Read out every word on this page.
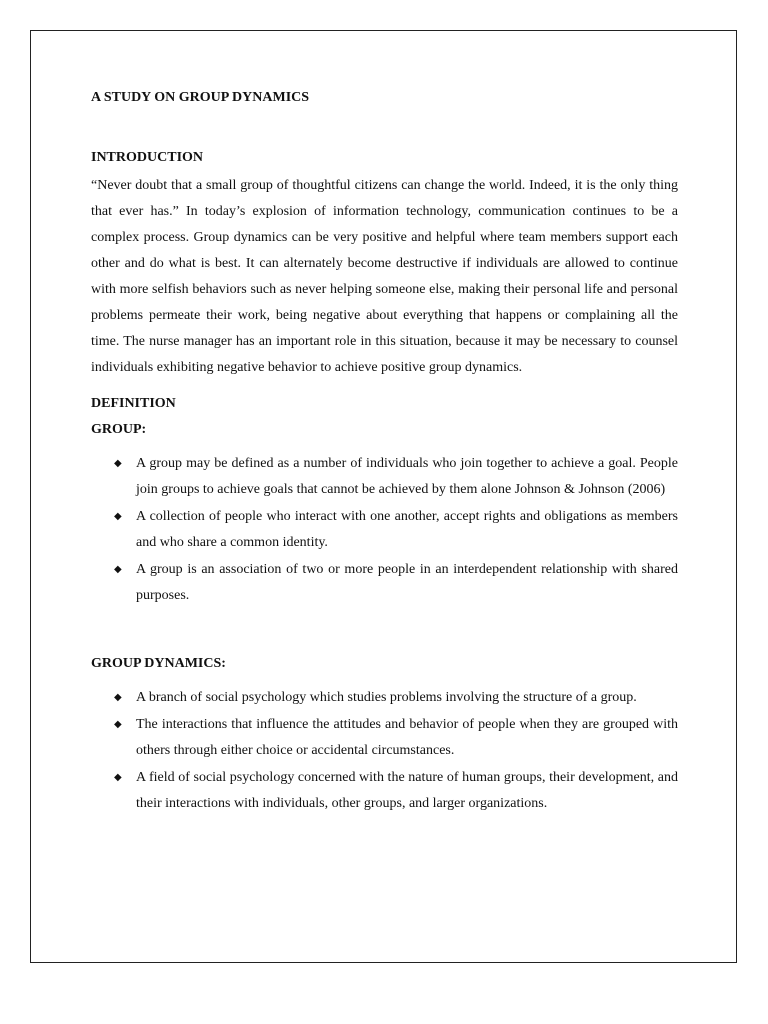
A STUDY ON GROUP DYNAMICS

INTRODUCTION

“Never doubt that a small group of thoughtful citizens can change the world. Indeed, it is the only thing that ever has.” In today’s explosion of information technology, communication continues to be a complex process. Group dynamics can be very positive and helpful where team members support each other and do what is best. It can alternately become destructive if individuals are allowed to continue with more selfish behaviors such as never helping someone else, making their personal life and personal problems permeate their work, being negative about everything that happens or complaining all the time. The nurse manager has an important role in this situation, because it may be necessary to counsel individuals exhibiting negative behavior to achieve positive group dynamics.

DEFINITION

GROUP:

◆ A group may be defined as a number of individuals who join together to achieve a goal. People join groups to achieve goals that cannot be achieved by them alone Johnson & Johnson (2006)
◆ A collection of people who interact with one another, accept rights and obligations as members and who share a common identity.
◆ A group is an association of two or more people in an interdependent relationship with shared purposes.

GROUP DYNAMICS:

◆ A branch of social psychology which studies problems involving the structure of a group.
◆ The interactions that influence the attitudes and behavior of people when they are grouped with others through either choice or accidental circumstances.
◆ A field of social psychology concerned with the nature of human groups, their development, and their interactions with individuals, other groups, and larger organizations.
